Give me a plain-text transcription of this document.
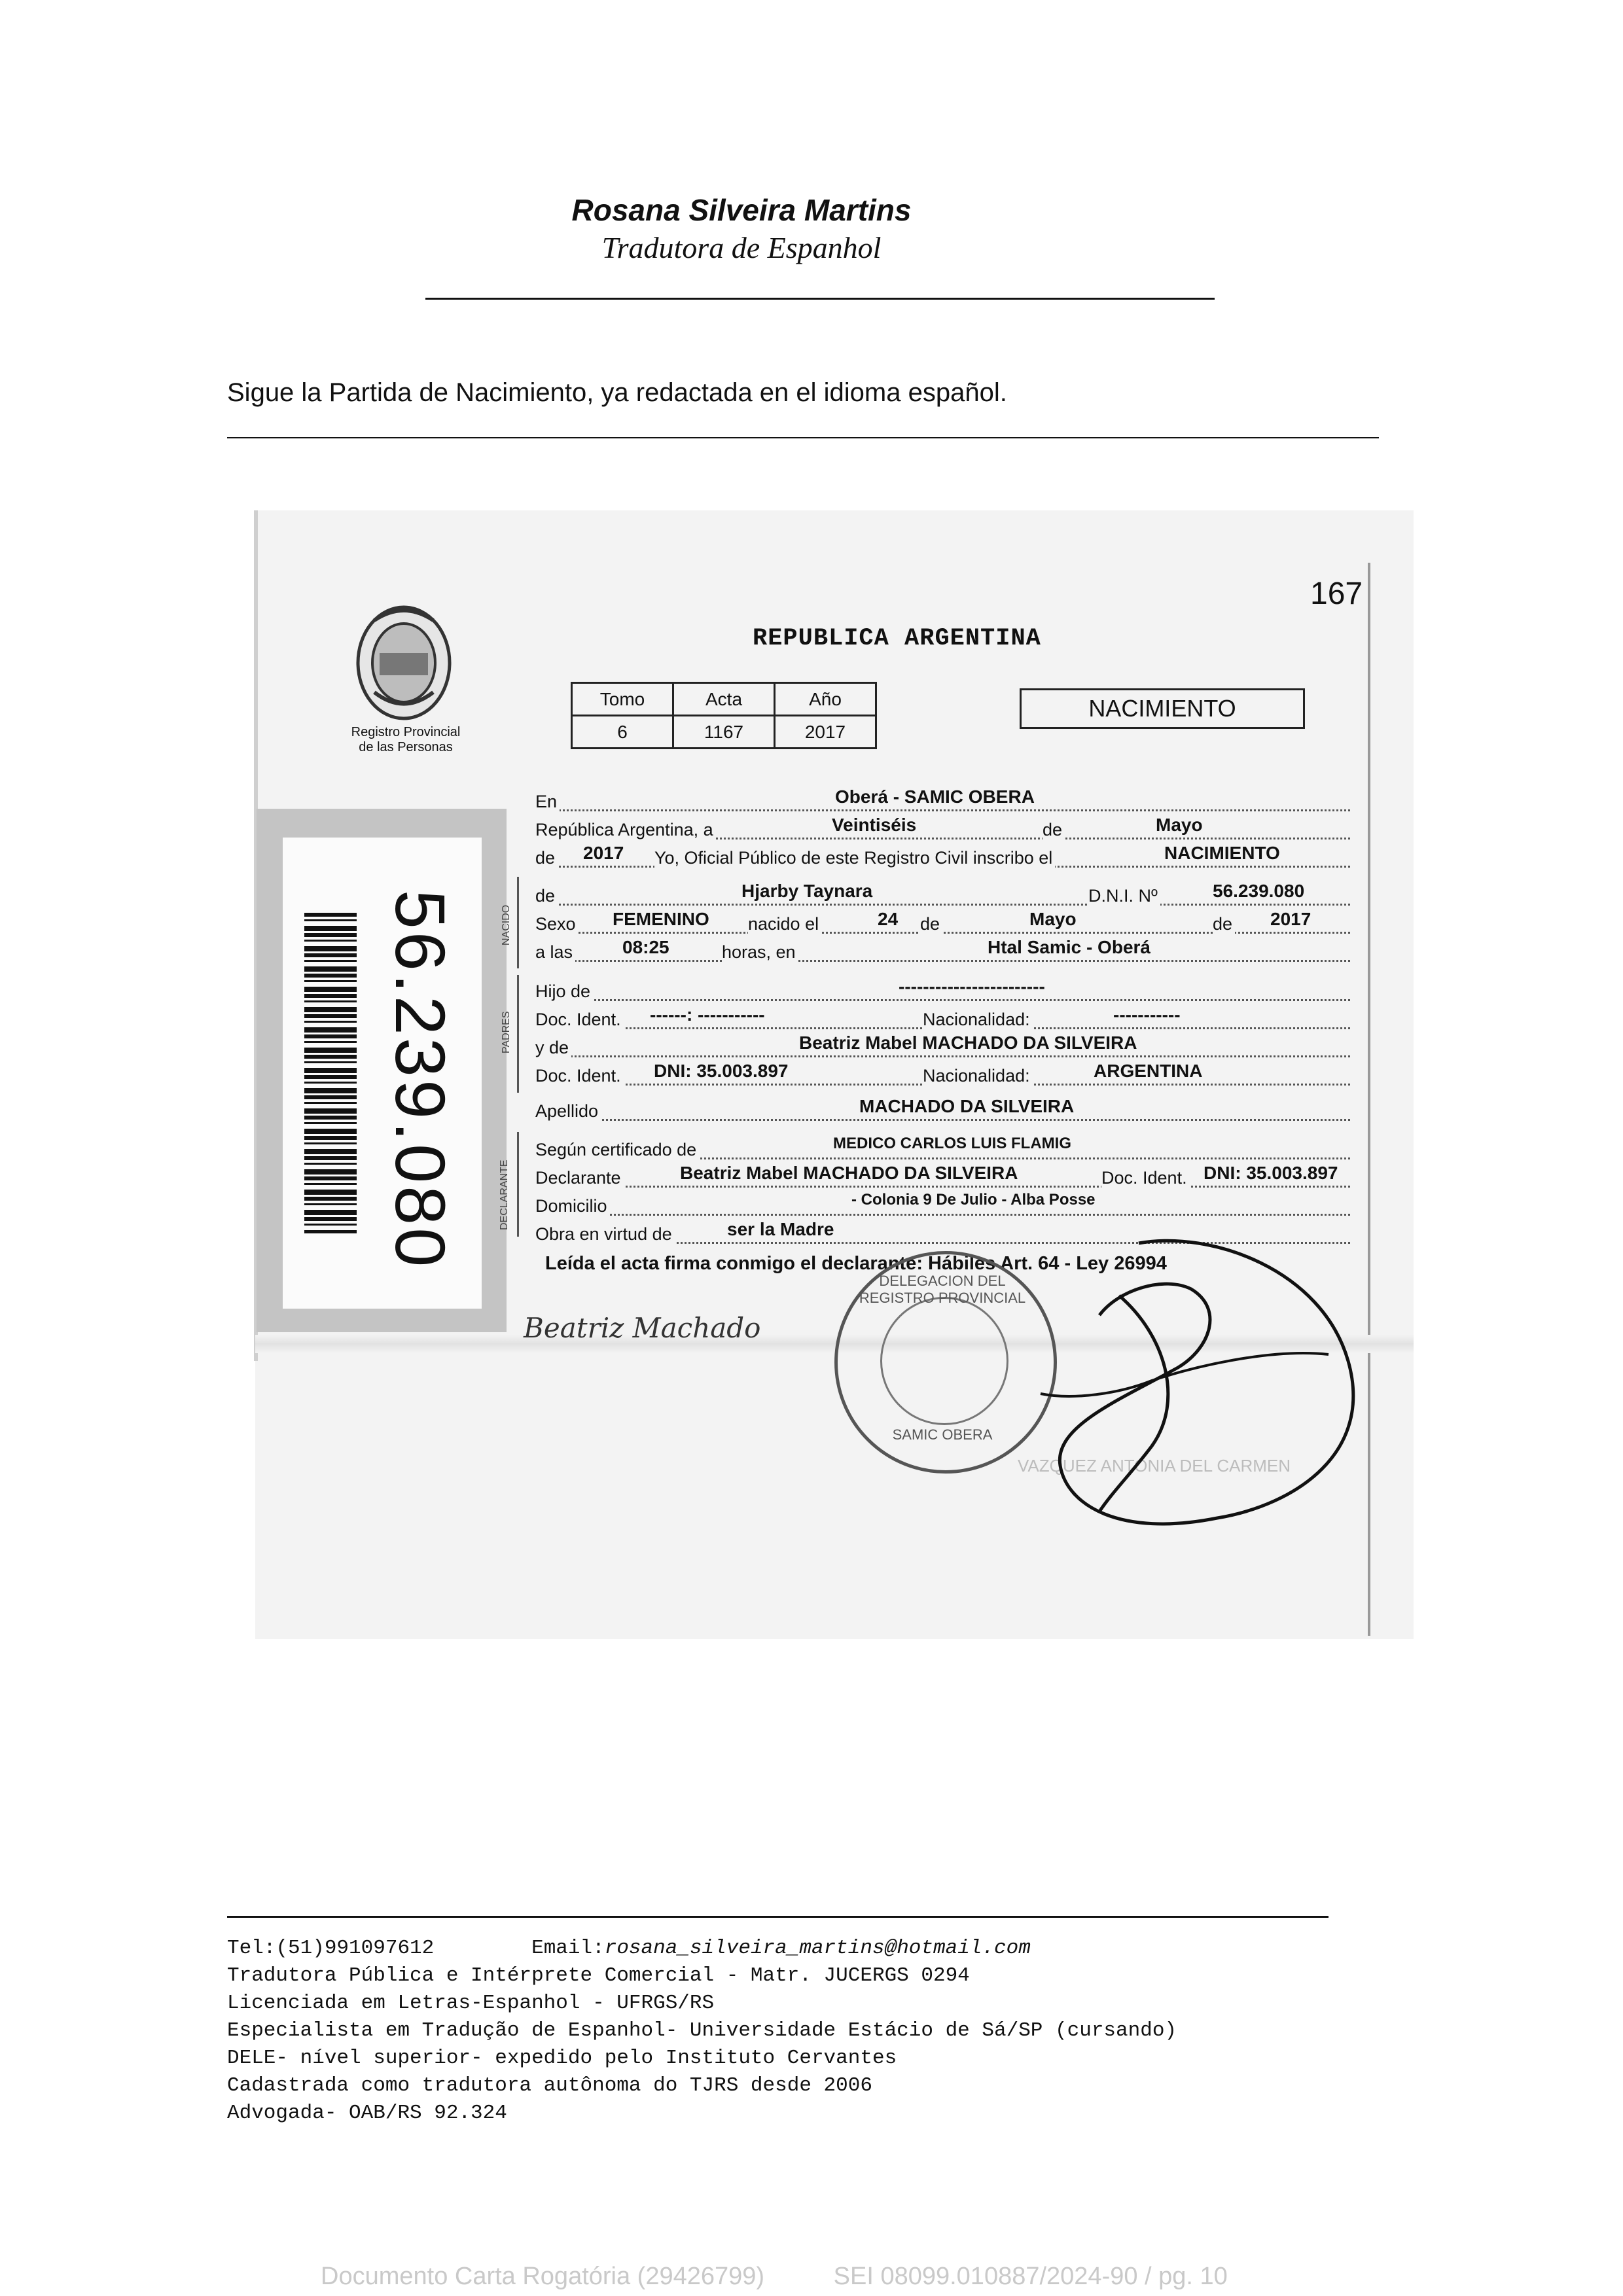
Rosana Silveira Martins
Tradutora de Espanhol
Sigue la Partida de Nacimiento, ya redactada en el idioma español.
167
REPUBLICA ARGENTINA
Registro Provincial
de las Personas
Tomo	Acta	Año
6	1167	2017
NACIMIENTO
56.239.080	NACIDO
PADRES
DECLARANTE
En	Oberá - SAMIC OBERA
República Argentina, a	Veintiséis	de	Mayo
de 2017 Yo, Oficial Público de este Registro Civil inscribo el	NACIMIENTO
de	Hjarby Taynara	D.N.I. Nº	56.239.080
Sexo FEMENINO nacido el	24 de	Mayo	de 2017
a las	08:25	horas, en	Htal Samic - Oberá
Hijo de	------------------------
Doc. Ident. ------: -----------	Nacionalidad:	-----------
y de	Beatriz Mabel MACHADO DA SILVEIRA
Doc. Ident. DNI: 35.003.897	Nacionalidad:	ARGENTINA
Apellido	MACHADO DA SILVEIRA
Según certificado de	MEDICO CARLOS LUIS FLAMIG
Declarante	Beatriz Mabel MACHADO DA SILVEIRA	Doc. Ident. DNI: 35.003.897
Domicilio	- Colonia 9 De Julio - Alba Posse
Obra en virtud de	ser la Madre
Leída el acta firma conmigo el declarante: Hábiles Art. 64 - Ley 26994
Beatriz Machado
DELEGACION DEL REGISTRO PROVINCIAL
SAMIC OBERA
VAZQUEZ ANTONIA DEL CARMEN
Tel:(51)991097612	Email:rosana_silveira_martins@hotmail.com
Tradutora Pública e Intérprete Comercial - Matr. JUCERGS 0294
Licenciada em Letras-Espanhol - UFRGS/RS
Especialista em Tradução de Espanhol- Universidade Estácio de Sá/SP (cursando)
DELE- nível superior- expedido pelo Instituto Cervantes
Cadastrada como tradutora autônoma do TJRS desde 2006
Advogada- OAB/RS 92.324
Documento Carta Rogatória (29426799)	SEI 08099.010887/2024-90 / pg. 10
